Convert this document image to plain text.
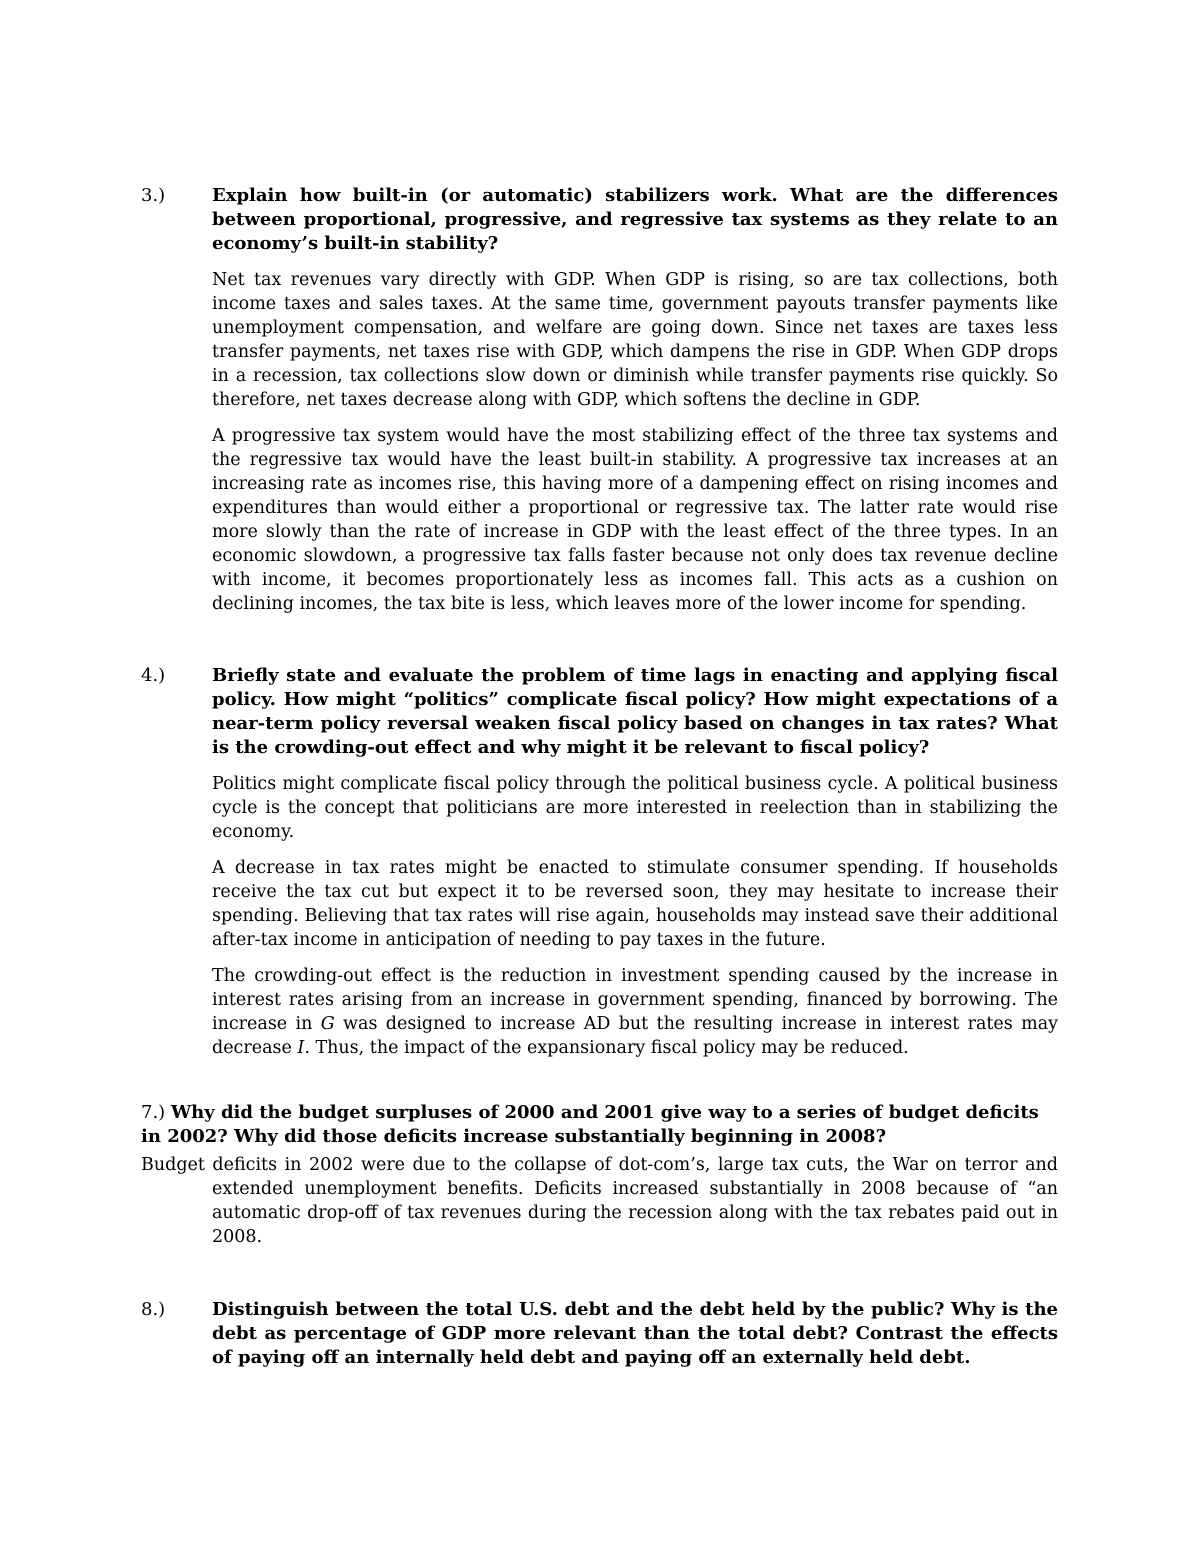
3.)	Explain how built-in (or automatic) stabilizers work. What are the differences between proportional, progressive, and regressive tax systems as they relate to an economy’s built-in stability?

Net tax revenues vary directly with GDP. When GDP is rising, so are tax collections, both income taxes and sales taxes. At the same time, government payouts transfer payments like unemployment compensation, and welfare are going down. Since net taxes are taxes less transfer payments, net taxes rise with GDP, which dampens the rise in GDP. When GDP drops in a recession, tax collections slow down or diminish while transfer payments rise quickly. So therefore, net taxes decrease along with GDP, which softens the decline in GDP.

A progressive tax system would have the most stabilizing effect of the three tax systems and the regressive tax would have the least built-in stability. A progressive tax increases at an increasing rate as incomes rise, this having more of a dampening effect on rising incomes and expenditures than would either a proportional or regressive tax. The latter rate would rise more slowly than the rate of increase in GDP with the least effect of the three types. In an economic slowdown, a progressive tax falls faster because not only does tax revenue decline with income, it becomes proportionately less as incomes fall. This acts as a cushion on declining incomes, the tax bite is less, which leaves more of the lower income for spending.

4.)	Briefly state and evaluate the problem of time lags in enacting and applying fiscal policy. How might “politics” complicate fiscal policy? How might expectations of a near-term policy reversal weaken fiscal policy based on changes in tax rates? What is the crowding-out effect and why might it be relevant to fiscal policy?

Politics might complicate fiscal policy through the political business cycle. A political business cycle is the concept that politicians are more interested in reelection than in stabilizing the economy.

A decrease in tax rates might be enacted to stimulate consumer spending. If households receive the tax cut but expect it to be reversed soon, they may hesitate to increase their spending. Believing that tax rates will rise again, households may instead save their additional after-tax income in anticipation of needing to pay taxes in the future.

The crowding-out effect is the reduction in investment spending caused by the increase in interest rates arising from an increase in government spending, financed by borrowing. The increase in G was designed to increase AD but the resulting increase in interest rates may decrease I. Thus, the impact of the expansionary fiscal policy may be reduced.

7.) Why did the budget surpluses of 2000 and 2001 give way to a series of budget deficits in 2002? Why did those deficits increase substantially beginning in 2008?

Budget deficits in 2002 were due to the collapse of dot-com’s, large tax cuts, the War on terror and extended unemployment benefits. Deficits increased substantially in 2008 because of “an automatic drop-off of tax revenues during the recession along with the tax rebates paid out in 2008.

8.)	Distinguish between the total U.S. debt and the debt held by the public? Why is the debt as percentage of GDP more relevant than the total debt? Contrast the effects of paying off an internally held debt and paying off an externally held debt.
